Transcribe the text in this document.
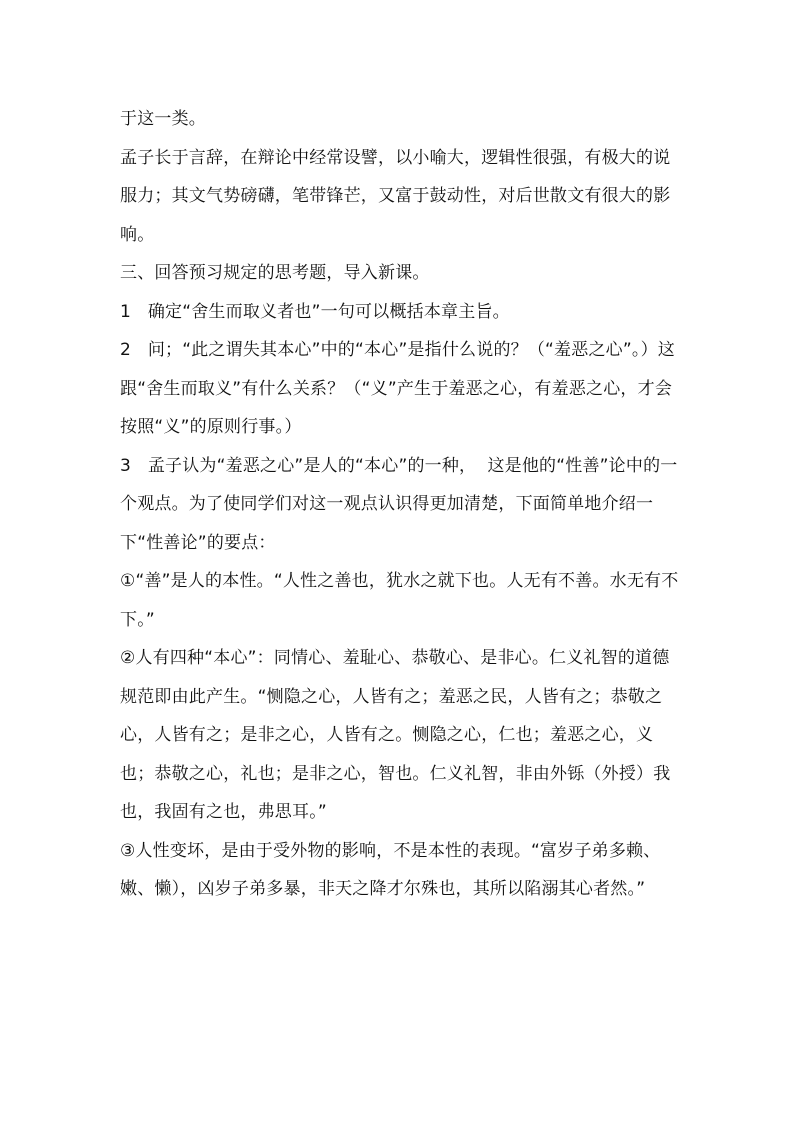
于这一类。

孟子长于言辞，在辩论中经常设譬，以小喻大，逻辑性很强，有极大的说服力；其文气势磅礴，笔带锋芒，又富于鼓动性，对后世散文有很大的影响。

三、回答预习规定的思考题，导入新课。

1   确定“舍生而取义者也”一句可以概括本章主旨。

2   问；“此之谓失其本心”中的“本心”是指什么说的？（“羞恶之心”。）这跟“舍生而取义”有什么关系？（“义”产生于羞恶之心，有羞恶之心，才会按照“义”的原则行事。）

3   孟子认为“羞恶之心”是人的“本心”的一种，  这是他的“性善”论中的一个观点。为了使同学们对这一观点认识得更加清楚，下面简单地介绍一下“性善论”的要点：

①“善”是人的本性。“人性之善也，犹水之就下也。人无有不善。水无有不下。”

②人有四种“本心”：同情心、羞耻心、恭敬心、是非心。仁义礼智的道德规范即由此产生。“恻隐之心，人皆有之；羞恶之民，人皆有之；恭敬之心，人皆有之；是非之心，人皆有之。恻隐之心，仁也；羞恶之心，义也；恭敬之心，礼也；是非之心，智也。仁义礼智，非由外铄（外授）我也，我固有之也，弗思耳。”

③人性变坏，是由于受外物的影响，不是本性的表现。“富岁子弟多赖、嫩、懒），凶岁子弟多暴，非天之降才尔殊也，其所以陷溺其心者然。”
